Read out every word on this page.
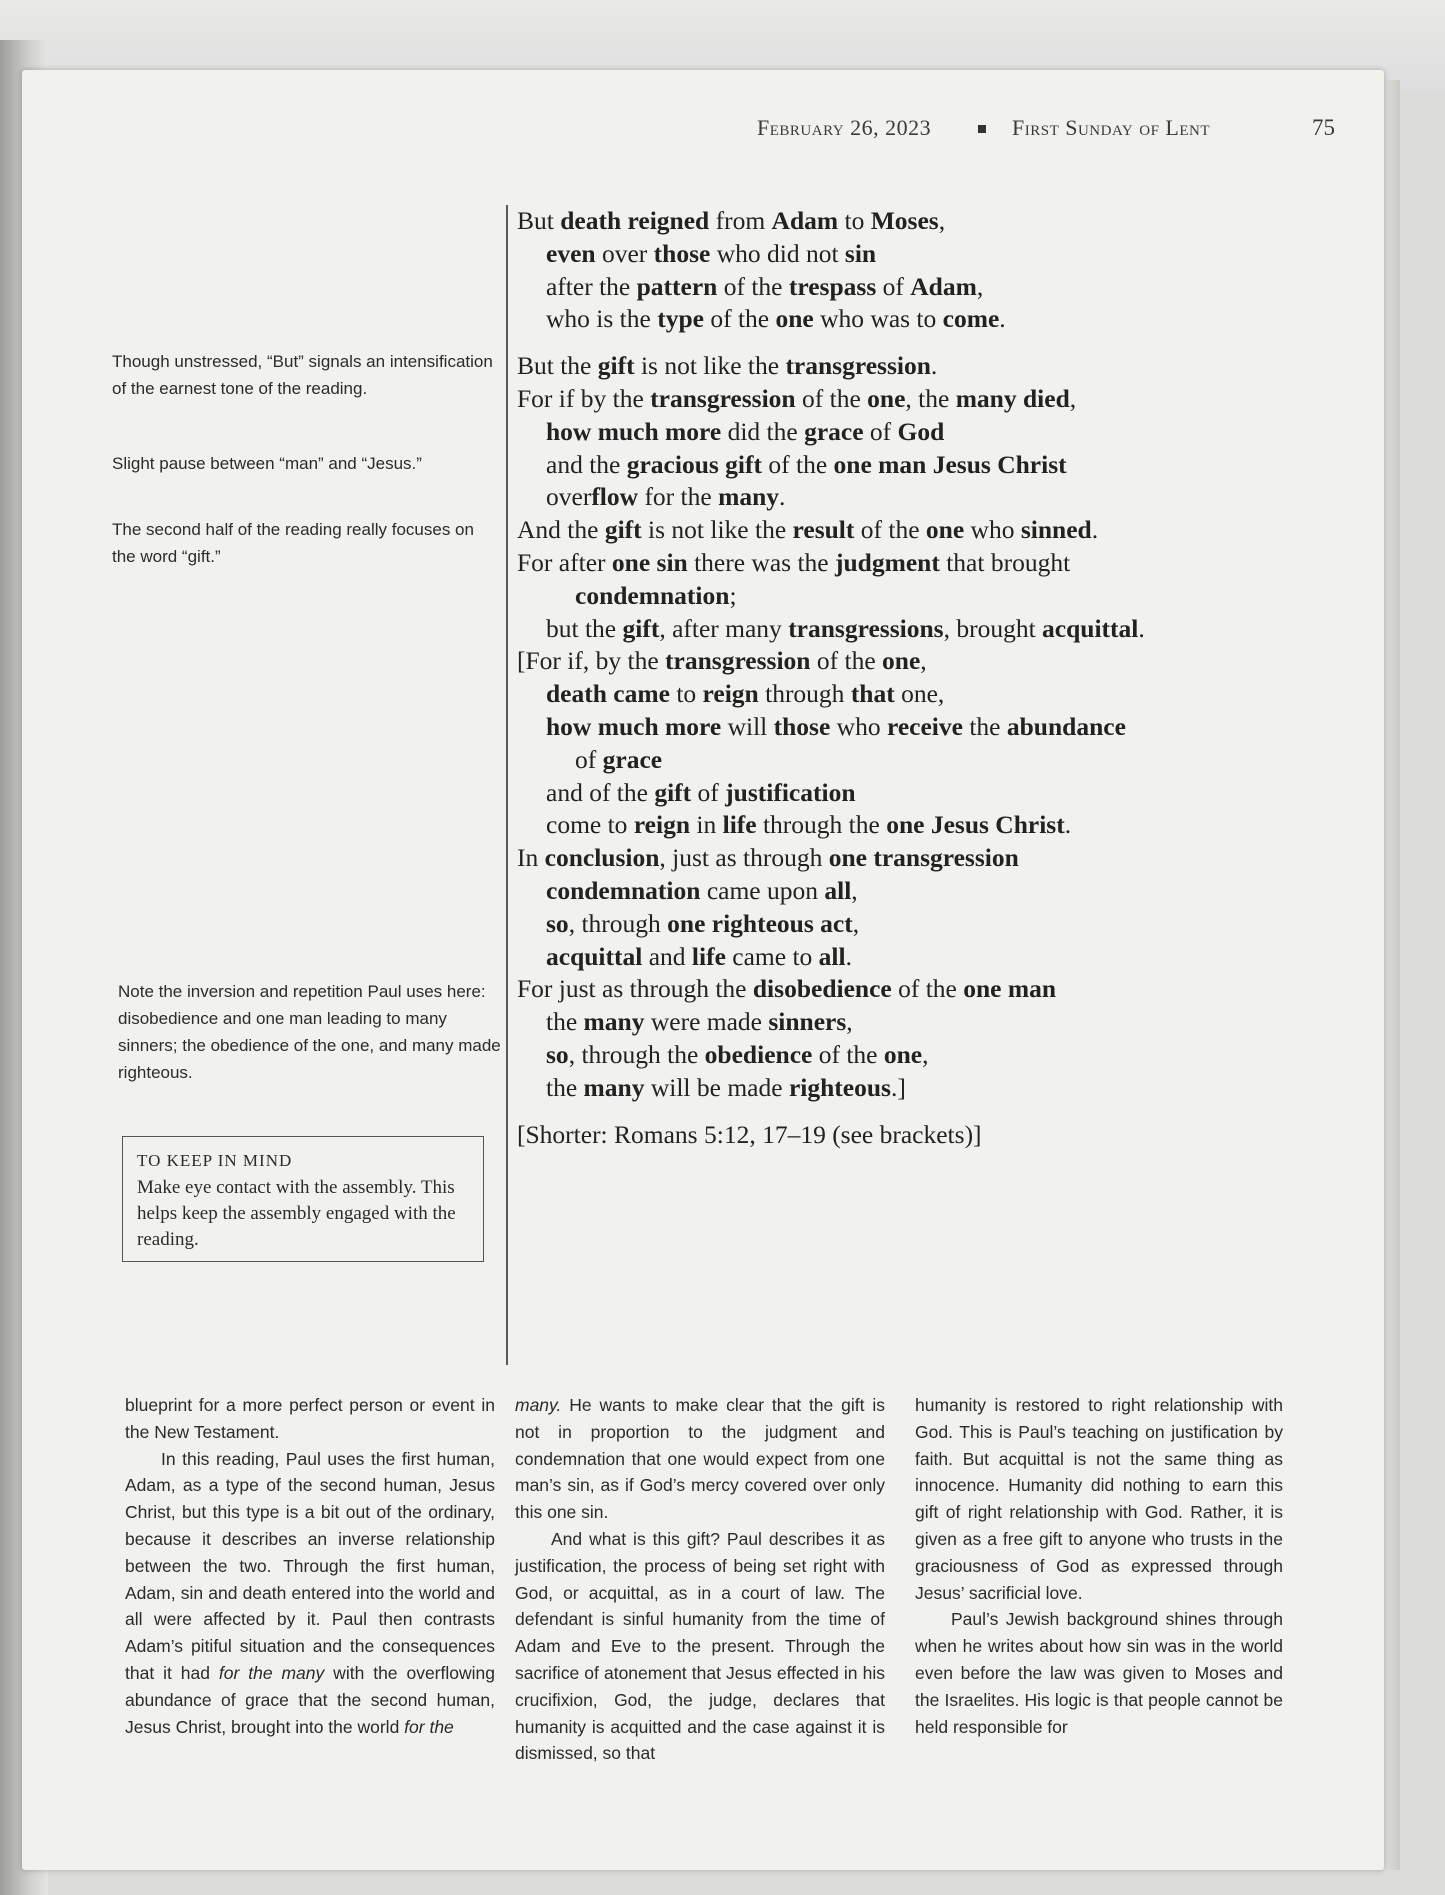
February 26, 2023	First Sunday of Lent	75
Though unstressed, “But” signals an intensification of the earnest tone of the reading.
Slight pause between “man” and “Jesus.”
The second half of the reading really focuses on the word “gift.”
Note the inversion and repetition Paul uses here: disobedience and one man leading to many sinners; the obedience of the one, and many made righteous.
TO KEEP IN MIND
Make eye contact with the assembly. This helps keep the assembly engaged with the reading.
But death reigned from Adam to Moses,
even over those who did not sin
after the pattern of the trespass of Adam,
who is the type of the one who was to come.
But the gift is not like the transgression.
For if by the transgression of the one, the many died,
how much more did the grace of God
and the gracious gift of the one man Jesus Christ
overflow for the many.
And the gift is not like the result of the one who sinned.
For after one sin there was the judgment that brought
condemnation;
but the gift, after many transgressions, brought acquittal.
[For if, by the transgression of the one,
death came to reign through that one,
how much more will those who receive the abundance
of grace
and of the gift of justification
come to reign in life through the one Jesus Christ.
In conclusion, just as through one transgression
condemnation came upon all,
so, through one righteous act,
acquittal and life came to all.
For just as through the disobedience of the one man
the many were made sinners,
so, through the obedience of the one,
the many will be made righteous.]
[Shorter: Romans 5:12, 17–19 (see brackets)]

blueprint for a more perfect person or event in the New Testament.

In this reading, Paul uses the first human, Adam, as a type of the second human, Jesus Christ, but this type is a bit out of the ordinary, because it describes an inverse relationship between the two. Through the first human, Adam, sin and death entered into the world and all were affected by it. Paul then contrasts Adam’s pitiful situation and the consequences that it had for the many with the overflowing abundance of grace that the second human, Jesus Christ, brought into the world for the

many. He wants to make clear that the gift is not in proportion to the judgment and condemnation that one would expect from one man’s sin, as if God’s mercy covered over only this one sin.

And what is this gift? Paul describes it as justification, the process of being set right with God, or acquittal, as in a court of law. The defendant is sinful humanity from the time of Adam and Eve to the present. Through the sacrifice of atonement that Jesus effected in his crucifixion, God, the judge, declares that humanity is acquitted and the case against it is dismissed, so that

humanity is restored to right relationship with God. This is Paul’s teaching on justification by faith. But acquittal is not the same thing as innocence. Humanity did nothing to earn this gift of right relationship with God. Rather, it is given as a free gift to anyone who trusts in the graciousness of God as expressed through Jesus’ sacrificial love.

Paul’s Jewish background shines through when he writes about how sin was in the world even before the law was given to Moses and the Israelites. His logic is that people cannot be held responsible for
